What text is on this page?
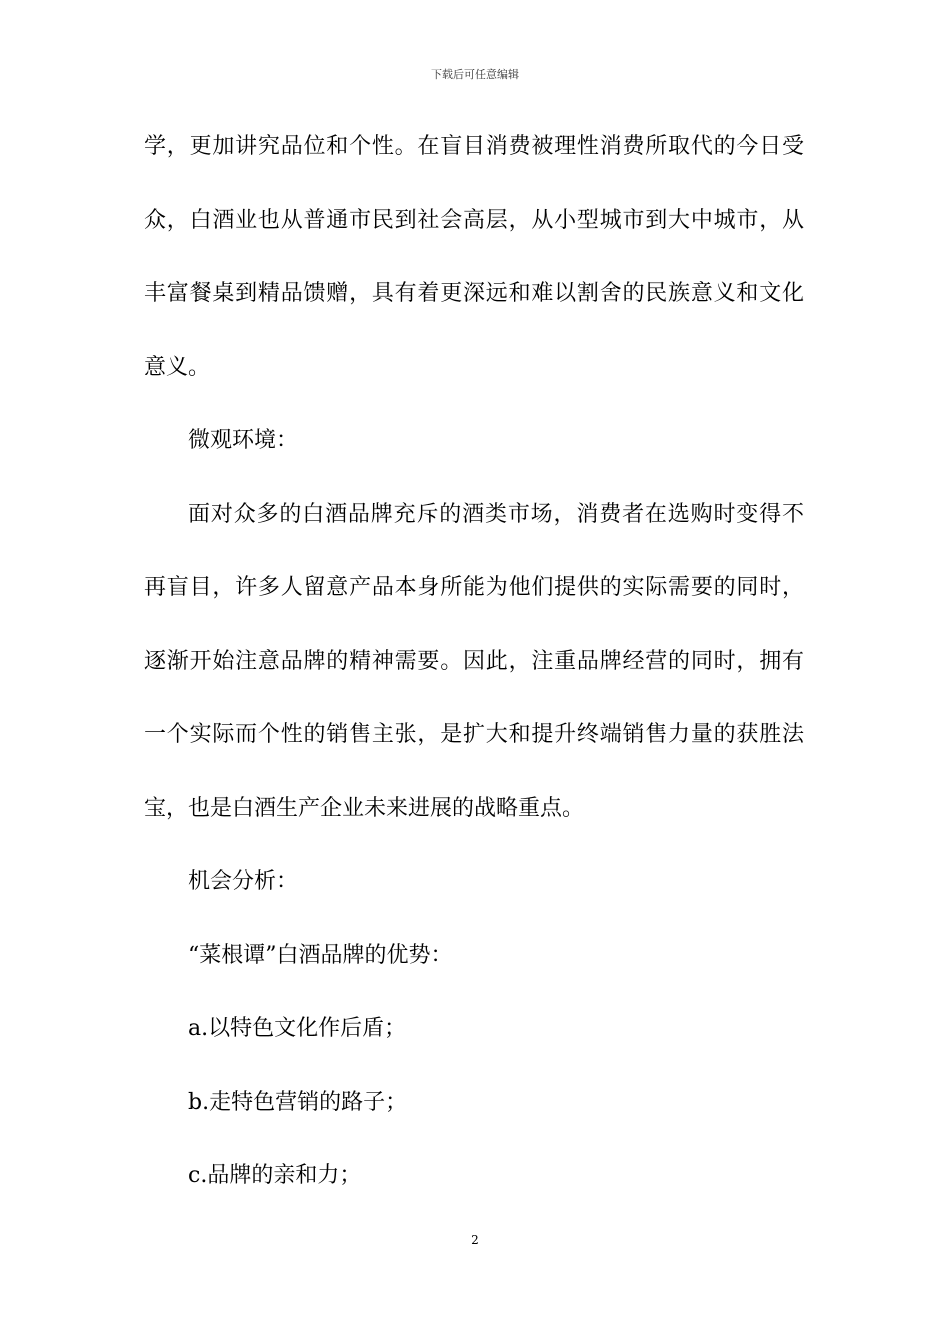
下载后可任意编辑
学，更加讲究品位和个性。在盲目消费被理性消费所取代的今日受
众，白酒业也从普通市民到社会高层，从小型城市到大中城市，从
丰富餐桌到精品馈赠，具有着更深远和难以割舍的民族意义和文化
意义。
微观环境：
面对众多的白酒品牌充斥的酒类市场，消费者在选购时变得不
再盲目，许多人留意产品本身所能为他们提供的实际需要的同时，
逐渐开始注意品牌的精神需要。因此，注重品牌经营的同时，拥有
一个实际而个性的销售主张，是扩大和提升终端销售力量的获胜法
宝，也是白酒生产企业未来进展的战略重点。
机会分析：
“菜根谭”白酒品牌的优势：
a.以特色文化作后盾；
b.走特色营销的路子；
c.品牌的亲和力；
2
